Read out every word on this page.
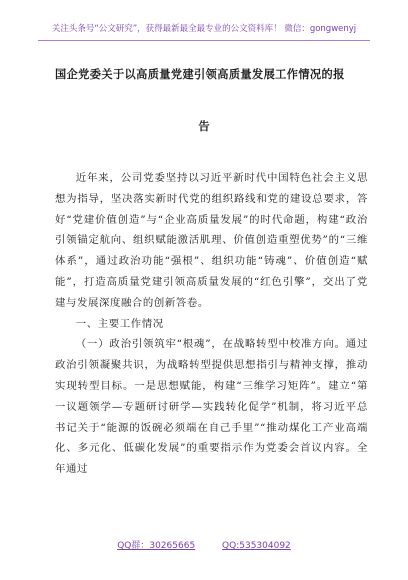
关注头条号“公文研究”，获得最新最全最专业的公文资料库！ 微信：gongwenyj
国企党委关于以高质量党建引领高质量发展工作情况的报
告

近年来，公司党委坚持以习近平新时代中国特色社会主义思想为指导，坚决落实新时代党的组织路线和党的建设总要求，答好“党建价值创造”与“企业高质量发展”的时代命题，构建“政治引领锚定航向、组织赋能激活肌理、价值创造重塑优势”的“三维体系”，通过政治功能“强根”、组织功能“铸魂”、价值创造“赋能”，打造高质量党建引领高质量发展的“红色引擎”，交出了党建与发展深度融合的创新答卷。

一、主要工作情况

（一）政治引领筑牢“根魂”，在战略转型中校准方向。通过政治引领凝聚共识，为战略转型提供思想指引与精神支撑，推动实现转型目标。一是思想赋能，构建“三维学习矩阵”。建立“第一议题领学—专题研讨研学—实践转化促学”机制，将习近平总书记关于“能源的饭碗必须端在自己手里”“推动煤化工产业高端化、多元化、低碳化发展”的重要指示作为党委会首议内容。全年通过

QQ群：30265665	QQ:535304092
